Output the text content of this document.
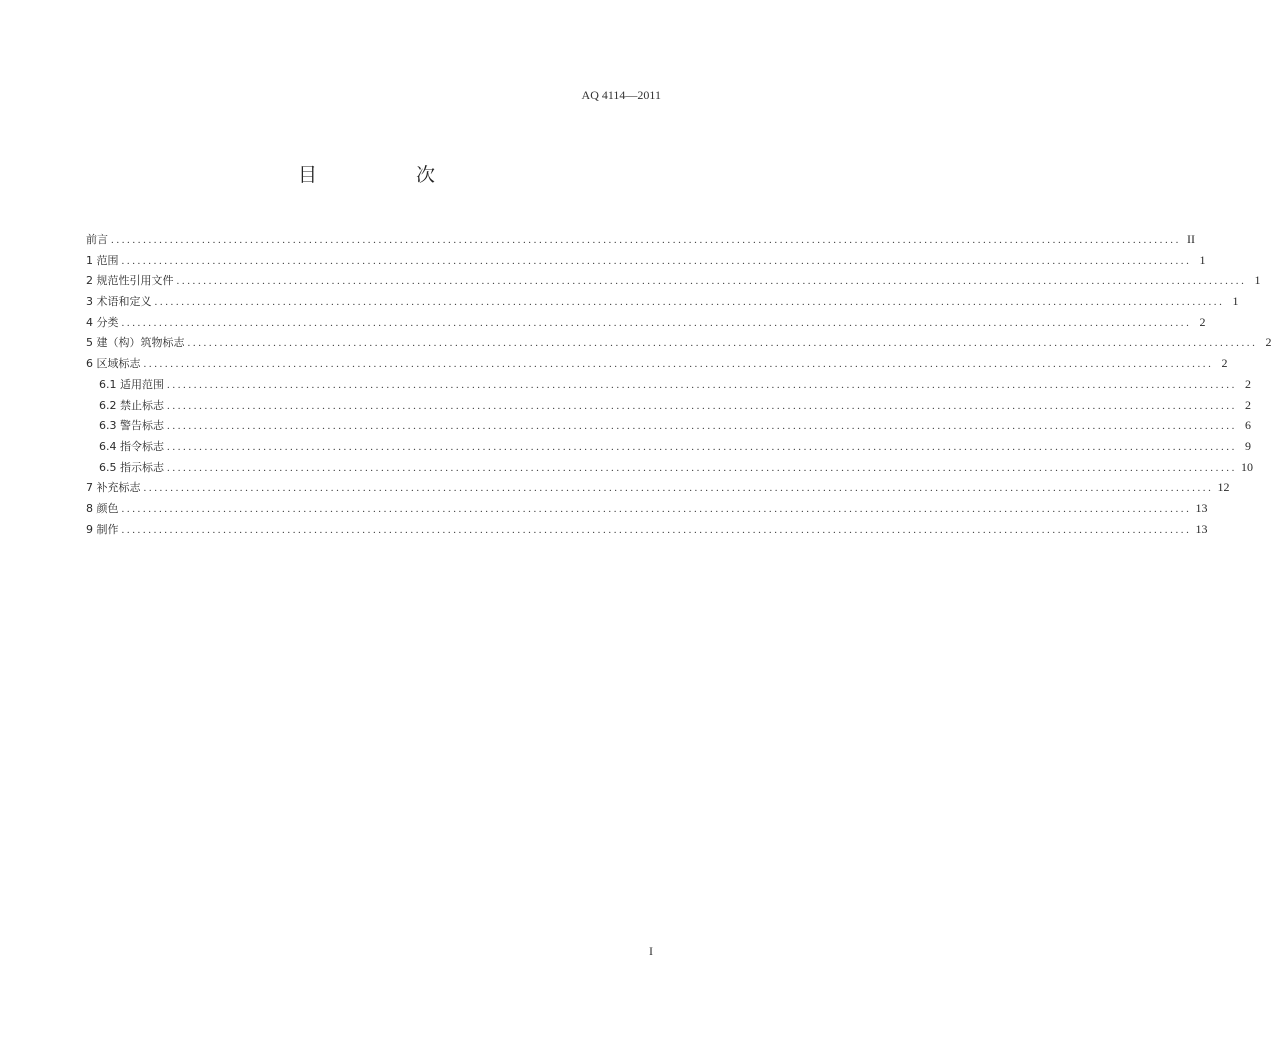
AQ 4114—2011
目　次
前言 ........................................................................................................................................................................................................ II
1 范围 ........................................................................................................................................................................................................ 1
2 规范性引用文件 ........................................................................................................................................................................................................ 1
3 术语和定义 ........................................................................................................................................................................................................ 1
4 分类 ........................................................................................................................................................................................................ 2
5 建（构）筑物标志 ........................................................................................................................................................................................................ 2
6 区域标志 ........................................................................................................................................................................................................ 2
6.1 适用范围 ........................................................................................................................................................................................................ 2
6.2 禁止标志 ........................................................................................................................................................................................................ 2
6.3 警告标志 ........................................................................................................................................................................................................ 6
6.4 指令标志 ........................................................................................................................................................................................................ 9
6.5 指示标志 ........................................................................................................................................................................................................ 10
7 补充标志 ........................................................................................................................................................................................................ 12
8 颜色 ........................................................................................................................................................................................................ 13
9 制作 ........................................................................................................................................................................................................ 13
I
